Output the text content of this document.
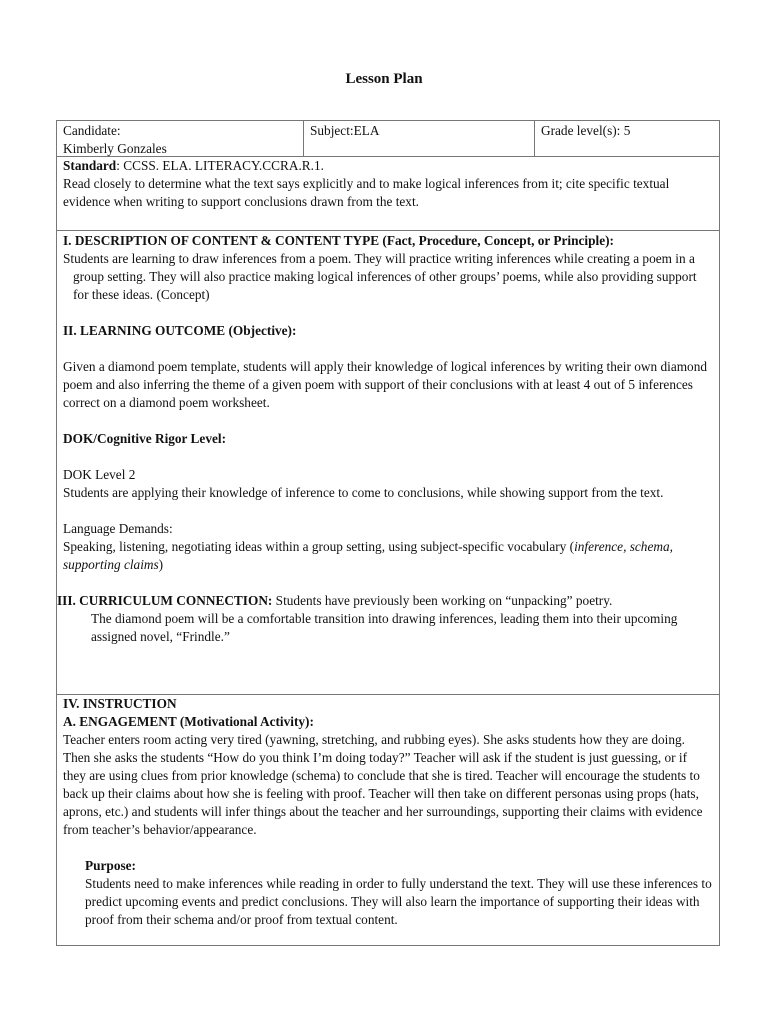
Lesson Plan

Candidate:

Kimberly Gonzales

Subject:ELA	Grade level(s): 5

Standard: CCSS. ELA. LITERACY.CCRA.R.1.

Read closely to determine what the text says explicitly and to make logical inferences from it; cite specific textual evidence when writing to support conclusions drawn from the text.

I. DESCRIPTION OF CONTENT & CONTENT TYPE (Fact, Procedure, Concept, or Principle):

Students are learning to draw inferences from a poem. They will practice writing inferences while creating a poem in a group setting. They will also practice making logical inferences of other groups’ poems, while also providing support for these ideas. (Concept)

II. LEARNING OUTCOME (Objective):

Given a diamond poem template, students will apply their knowledge of logical inferences by writing their own diamond poem and also inferring the theme of a given poem with support of their conclusions with at least 4 out of 5 inferences correct on a diamond poem worksheet.

DOK/Cognitive Rigor Level:

DOK Level 2

Students are applying their knowledge of inference to come to conclusions, while showing support from the text.

Language Demands:

Speaking, listening, negotiating ideas within a group setting, using subject-specific vocabulary (inference, schema, supporting claims)

III. CURRICULUM CONNECTION: Students have previously been working on “unpacking” poetry.

The diamond poem will be a comfortable transition into drawing inferences, leading them into their upcoming assigned novel, “Frindle.”

IV. INSTRUCTION

A. ENGAGEMENT (Motivational Activity):

Teacher enters room acting very tired (yawning, stretching, and rubbing eyes). She asks students how they are doing. Then she asks the students “How do you think I’m doing today?” Teacher will ask if the student is just guessing, or if they are using clues from prior knowledge (schema) to conclude that she is tired. Teacher will encourage the students to back up their claims about how she is feeling with proof. Teacher will then take on different personas using props (hats, aprons, etc.) and students will infer things about the teacher and her surroundings, supporting their claims with evidence from teacher’s behavior/appearance.

Purpose:

Students need to make inferences while reading in order to fully understand the text. They will use these inferences to predict upcoming events and predict conclusions. They will also learn the importance of supporting their ideas with proof from their schema and/or proof from textual content.
